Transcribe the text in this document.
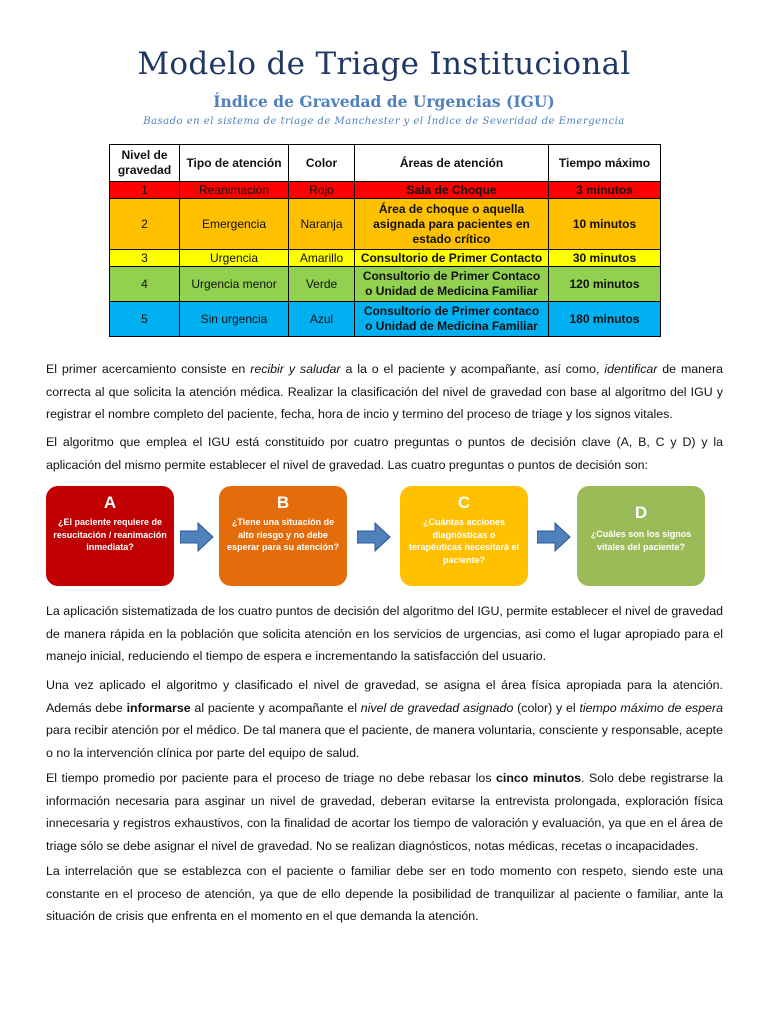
Modelo de Triage Institucional
Índice de Gravedad de Urgencias (IGU)
Basado en el sistema de triage de Manchester y el Índice de Severidad de Emergencia
Nivel de gravedad	Tipo de atención	Color	Áreas de atención	Tiempo máximo
1	Reanimación	Rojo	Sala de Choque	3 minutos
2	Emergencia	Naranja	Área de choque o aquella asignada para pacientes en estado crítico	10 minutos
3	Urgencia	Amarillo	Consultorio de Primer Contacto	30 minutos
4	Urgencia menor	Verde	Consultorio de Primer Contaco o Unidad de Medicina Familiar	120 minutos
5	Sin urgencia	Azul	Consultorio de Primer contaco o Unidad de Medicina Familiar	180 minutos
El primer acercamiento consiste en recibir y saludar a la o el paciente y acompañante, así como, identificar de manera correcta al que solicita la atención médica. Realizar la clasificación del nivel de gravedad con base al algoritmo del IGU y registrar el nombre completo del paciente, fecha, hora de incio y termino del proceso de triage y los signos vitales.
El algoritmo que emplea el IGU está constituido por cuatro preguntas o puntos de decisión clave (A, B, C y D) y la aplicación del mismo permite establecer el nivel de gravedad. Las cuatro preguntas o puntos de decisión son:
A
¿El paciente requiere de resucitación / reanimación inmediata?
B
¿Tiene una situación de alto riesgo y no debe esperar para su atención?
C
¿Cuántas acciones diagnósticas o terapéuticas necesitará el paciente?
D
¿Cuáles son los signos vitales del paciente?
La aplicación sistematizada de los cuatro puntos de decisión del algoritmo del IGU, permite establecer el nivel de gravedad de manera rápida en la población que solicita atención en los servicios de urgencias, asi como el lugar apropiado para el manejo inicial, reduciendo el tiempo de espera e incrementando la satisfacción del usuario.
Una vez aplicado el algoritmo y clasificado el nivel de gravedad, se asigna el área física apropiada para la atención. Además debe informarse al paciente y acompañante el nivel de gravedad asignado (color) y el tiempo máximo de espera para recibir atención por el médico. De tal manera que el paciente, de manera voluntaria, consciente y responsable, acepte o no la intervención clínica por parte del equipo de salud.
El tiempo promedio por paciente para el proceso de triage no debe rebasar los cinco minutos. Solo debe registrarse la información necesaria para asginar un nivel de gravedad, deberan evitarse la entrevista prolongada, exploración física innecesaria y registros exhaustivos, con la finalidad de acortar los tiempo de valoración y evaluación, ya que en el área de triage sólo se debe asignar el nivel de gravedad. No se realizan diagnósticos, notas médicas, recetas o incapacidades.
La interrelación que se establezca con el paciente o familiar debe ser en todo momento con respeto, siendo este una constante en el proceso de atención, ya que de ello depende la posibilidad de tranquilizar al paciente o familiar, ante la situación de crisis que enfrenta en el momento en el que demanda la atención.
